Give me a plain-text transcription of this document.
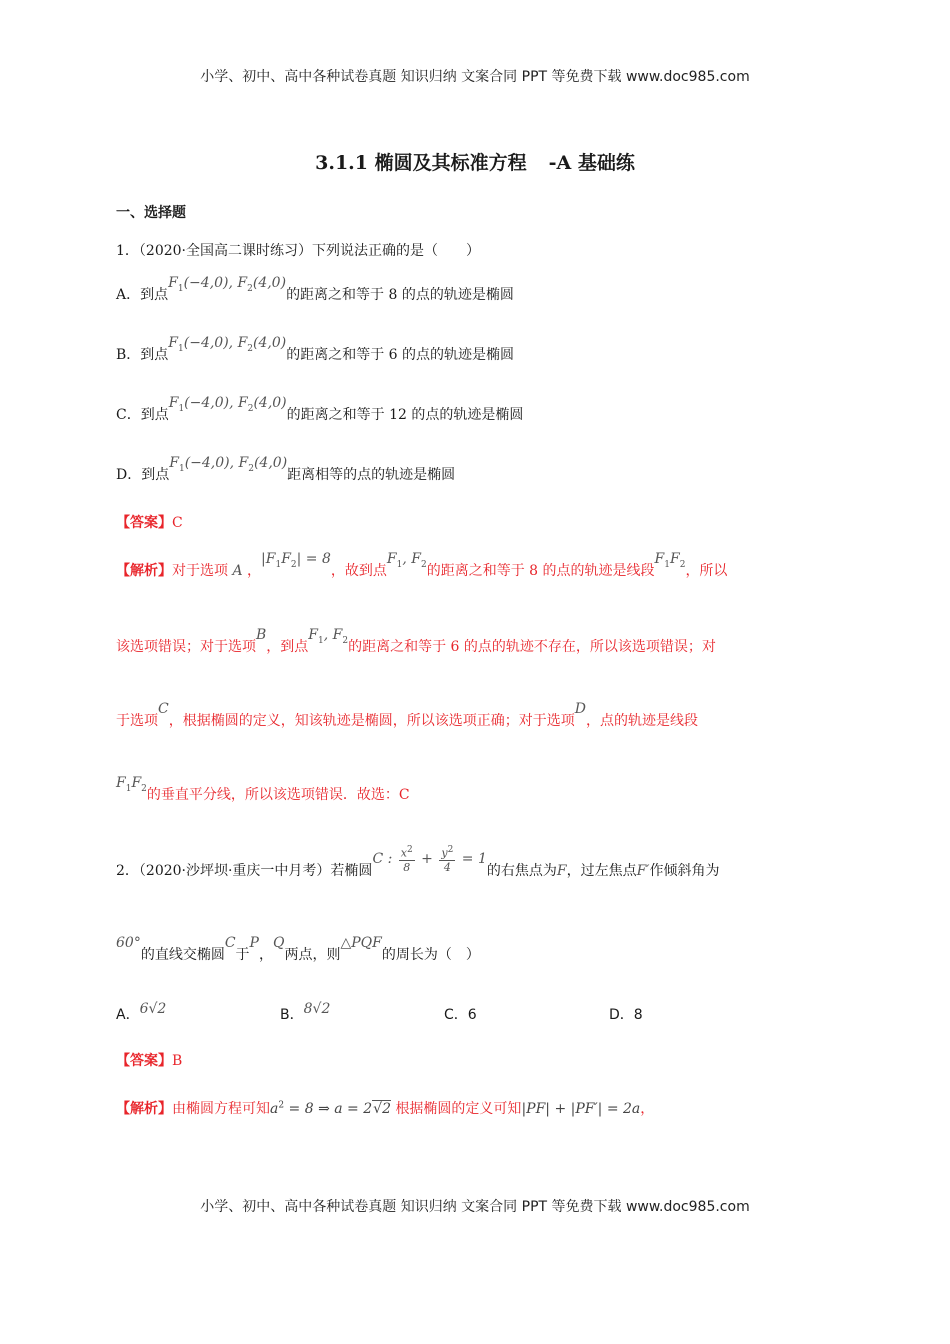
小学、初中、高中各种试卷真题 知识归纳 文案合同 PPT 等免费下载 www.doc985.com
3.1.1 椭圆及其标准方程 -A 基础练
一、选择题
1．（2020·全国高二课时练习）下列说法正确的是（　　）
A．到点$F_1(-4,0)$, $F_2(4,0)$的距离之和等于 8 的点的轨迹是椭圆
B．到点$F_1(-4,0)$, $F_2(4,0)$的距离之和等于 6 的点的轨迹是椭圆
C．到点$F_1(-4,0)$, $F_2(4,0)$的距离之和等于 12 的点的轨迹是椭圆
D．到点$F_1(-4,0)$, $F_2(4,0)$距离相等的点的轨迹是椭圆
【答案】C
【解析】对于选项 A ，$|F_1F_2| = 8$，故到点$F_1$, $F_2$的距离之和等于 8 的点的轨迹是线段$F_1F_2$，所以
该选项错误；对于选项B，到点$F_1$, $F_2$的距离之和等于 6 的点的轨迹不存在，所以该选项错误；对
于选项C，根据椭圆的定义，知该轨迹是椭圆，所以该选项正确；对于选项D，点的轨迹是线段
$F_1F_2$的垂直平分线，所以该选项错误．故选：C
2．（2020·沙坪坝·重庆一中月考）若椭圆C : $\frac{x^2}{8} + \frac{y^2}{4} = 1$的右焦点为F，过左焦点F′作倾斜角为
60°的直线交椭圆C于P，Q两点，则△PQF的周长为（　）
A．6√2	B．8√2	C．6	D．8
【答案】B
【解析】由椭圆方程可知$a^2 = 8$ ⇒ a = 2√2 根据椭圆的定义可知|PF| + |PF′| = 2a，
小学、初中、高中各种试卷真题 知识归纳 文案合同 PPT 等免费下载 www.doc985.com
